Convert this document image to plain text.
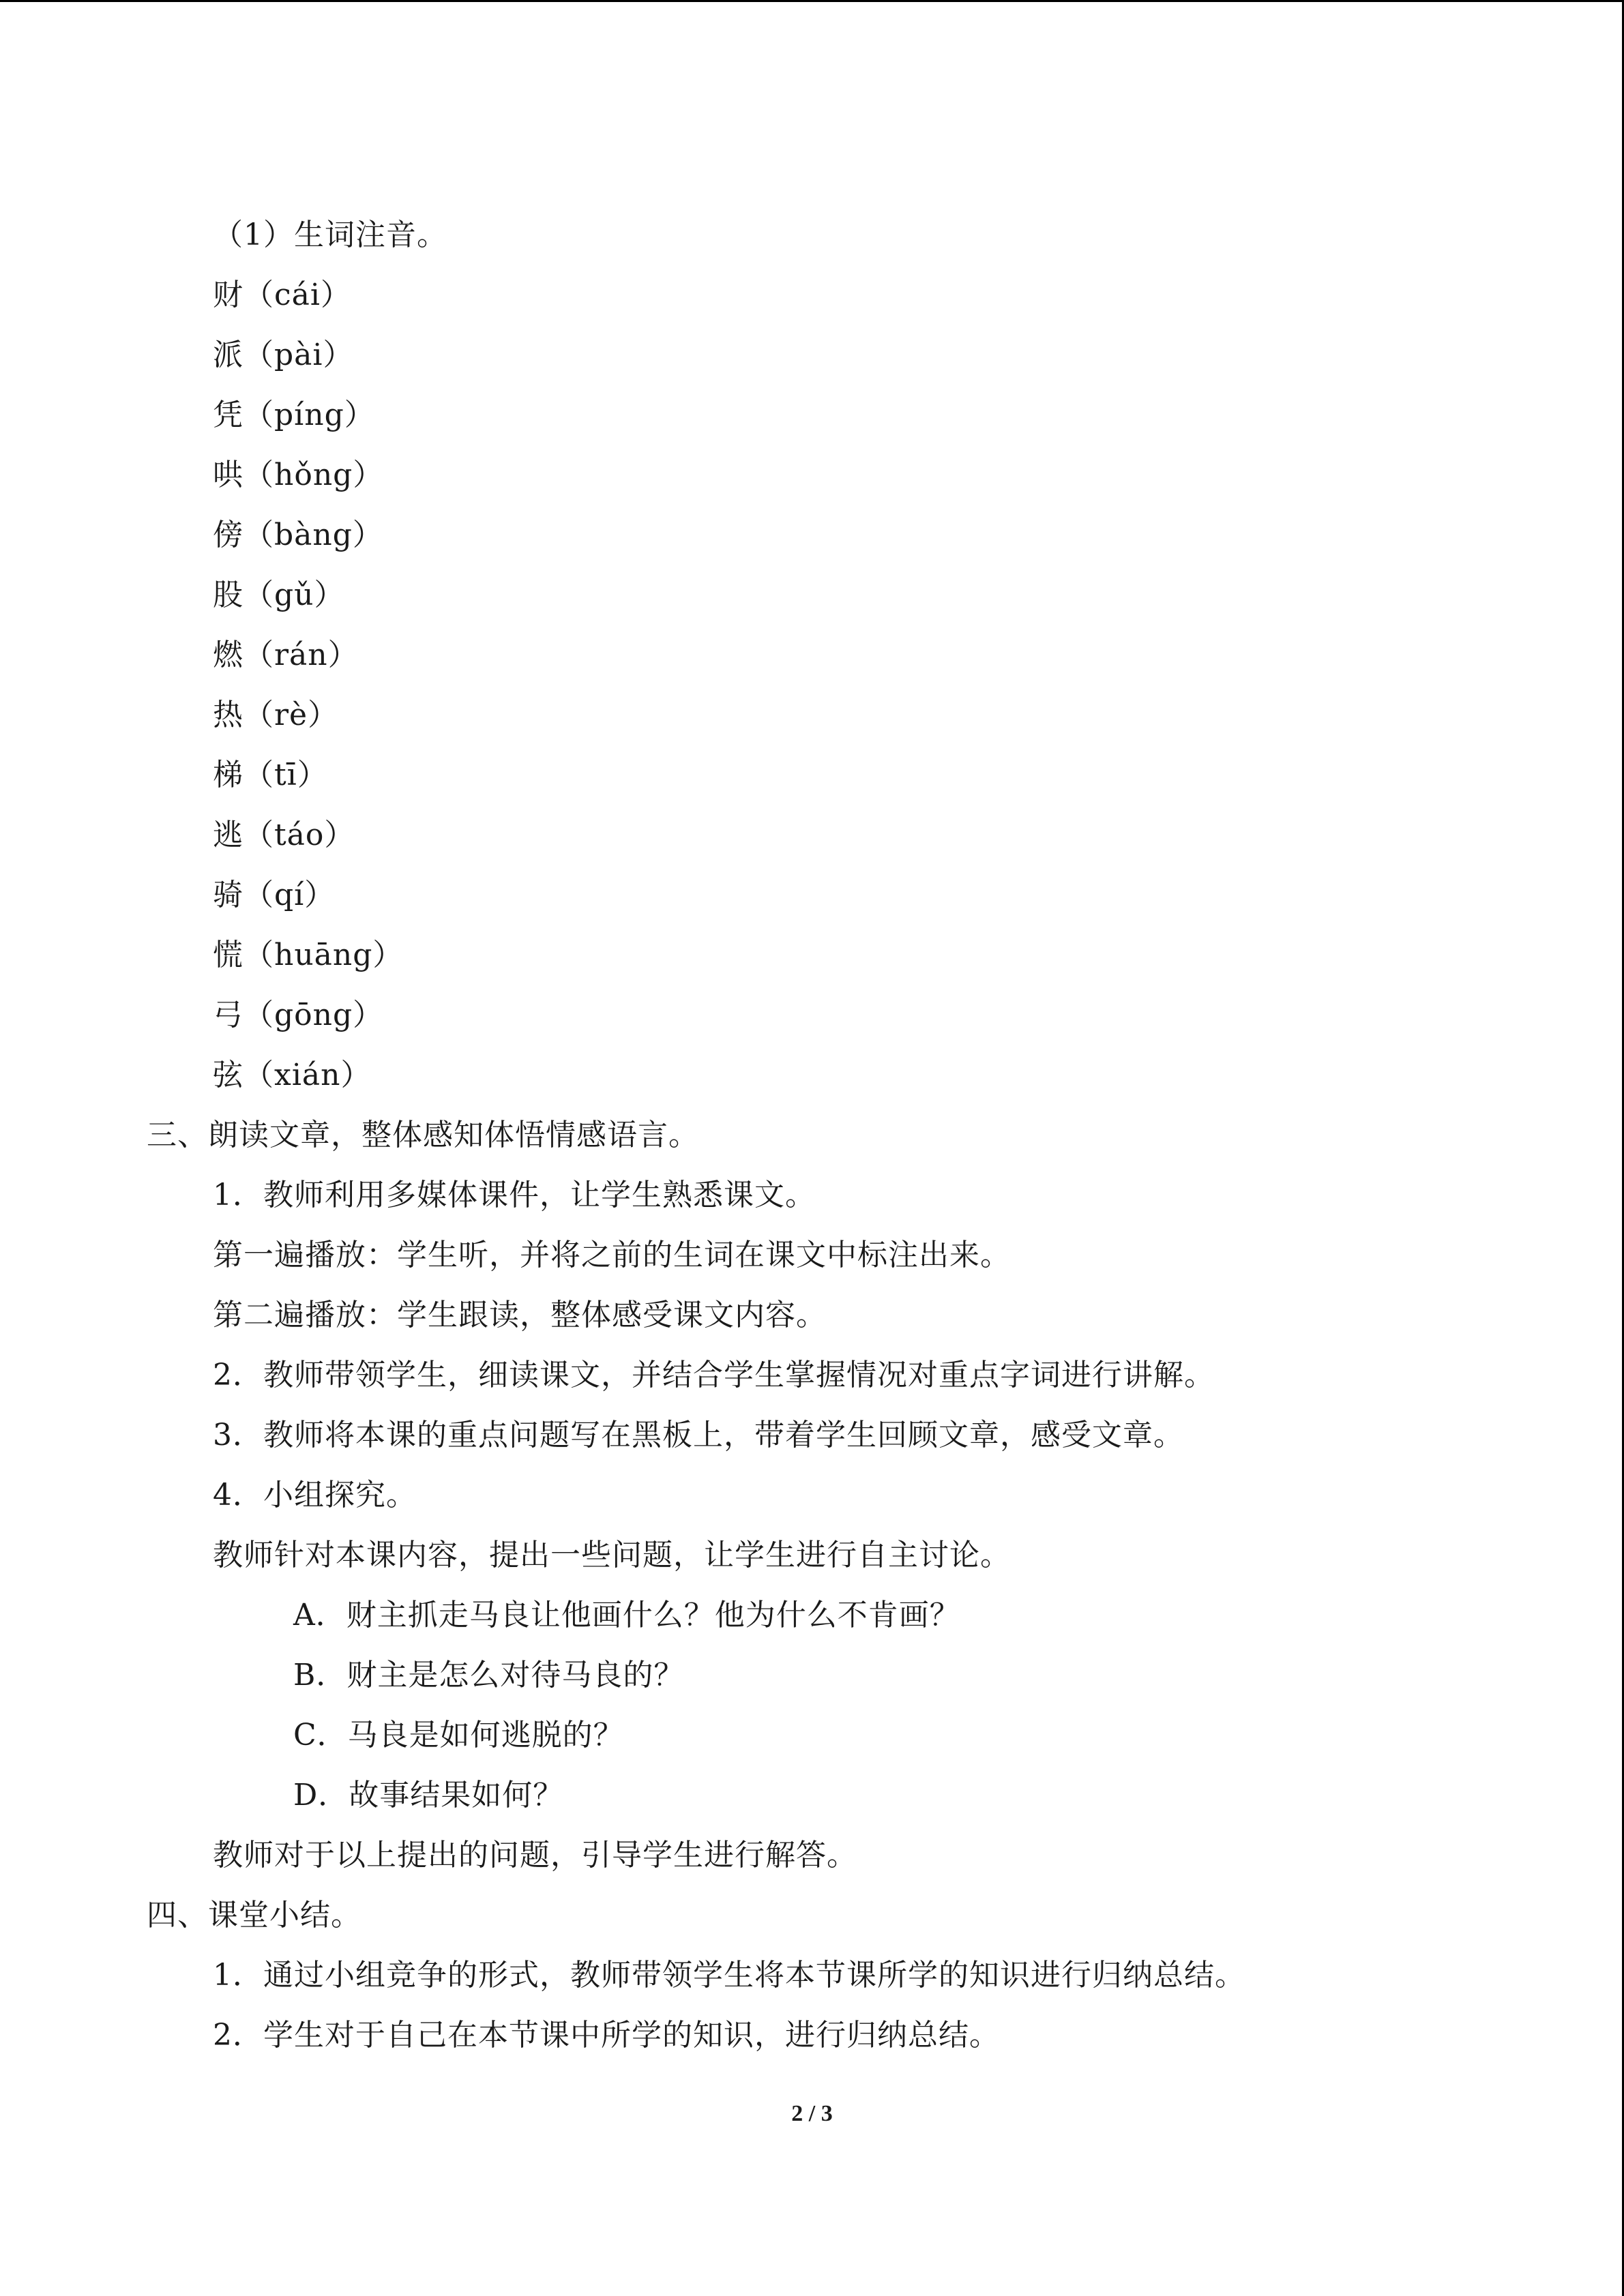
（1）生词注音。
财（cái）
派（pài）
凭（píng）
哄（hǒng）
傍（bàng）
股（gǔ）
燃（rán）
热（rè）
梯（tī）
逃（táo）
骑（qí）
慌（huāng）
弓（gōng）
弦（xián）
三、朗读文章，整体感知体悟情感语言。
1．教师利用多媒体课件，让学生熟悉课文。
第一遍播放：学生听，并将之前的生词在课文中标注出来。
第二遍播放：学生跟读，整体感受课文内容。
2．教师带领学生，细读课文，并结合学生掌握情况对重点字词进行讲解。
3．教师将本课的重点问题写在黑板上，带着学生回顾文章，感受文章。
4．小组探究。
教师针对本课内容，提出一些问题，让学生进行自主讨论。
A．财主抓走马良让他画什么？他为什么不肯画？
B．财主是怎么对待马良的？
C．马良是如何逃脱的？
D．故事结果如何？
教师对于以上提出的问题，引导学生进行解答。
四、课堂小结。
1．通过小组竞争的形式，教师带领学生将本节课所学的知识进行归纳总结。
2．学生对于自己在本节课中所学的知识，进行归纳总结。
2 / 3
